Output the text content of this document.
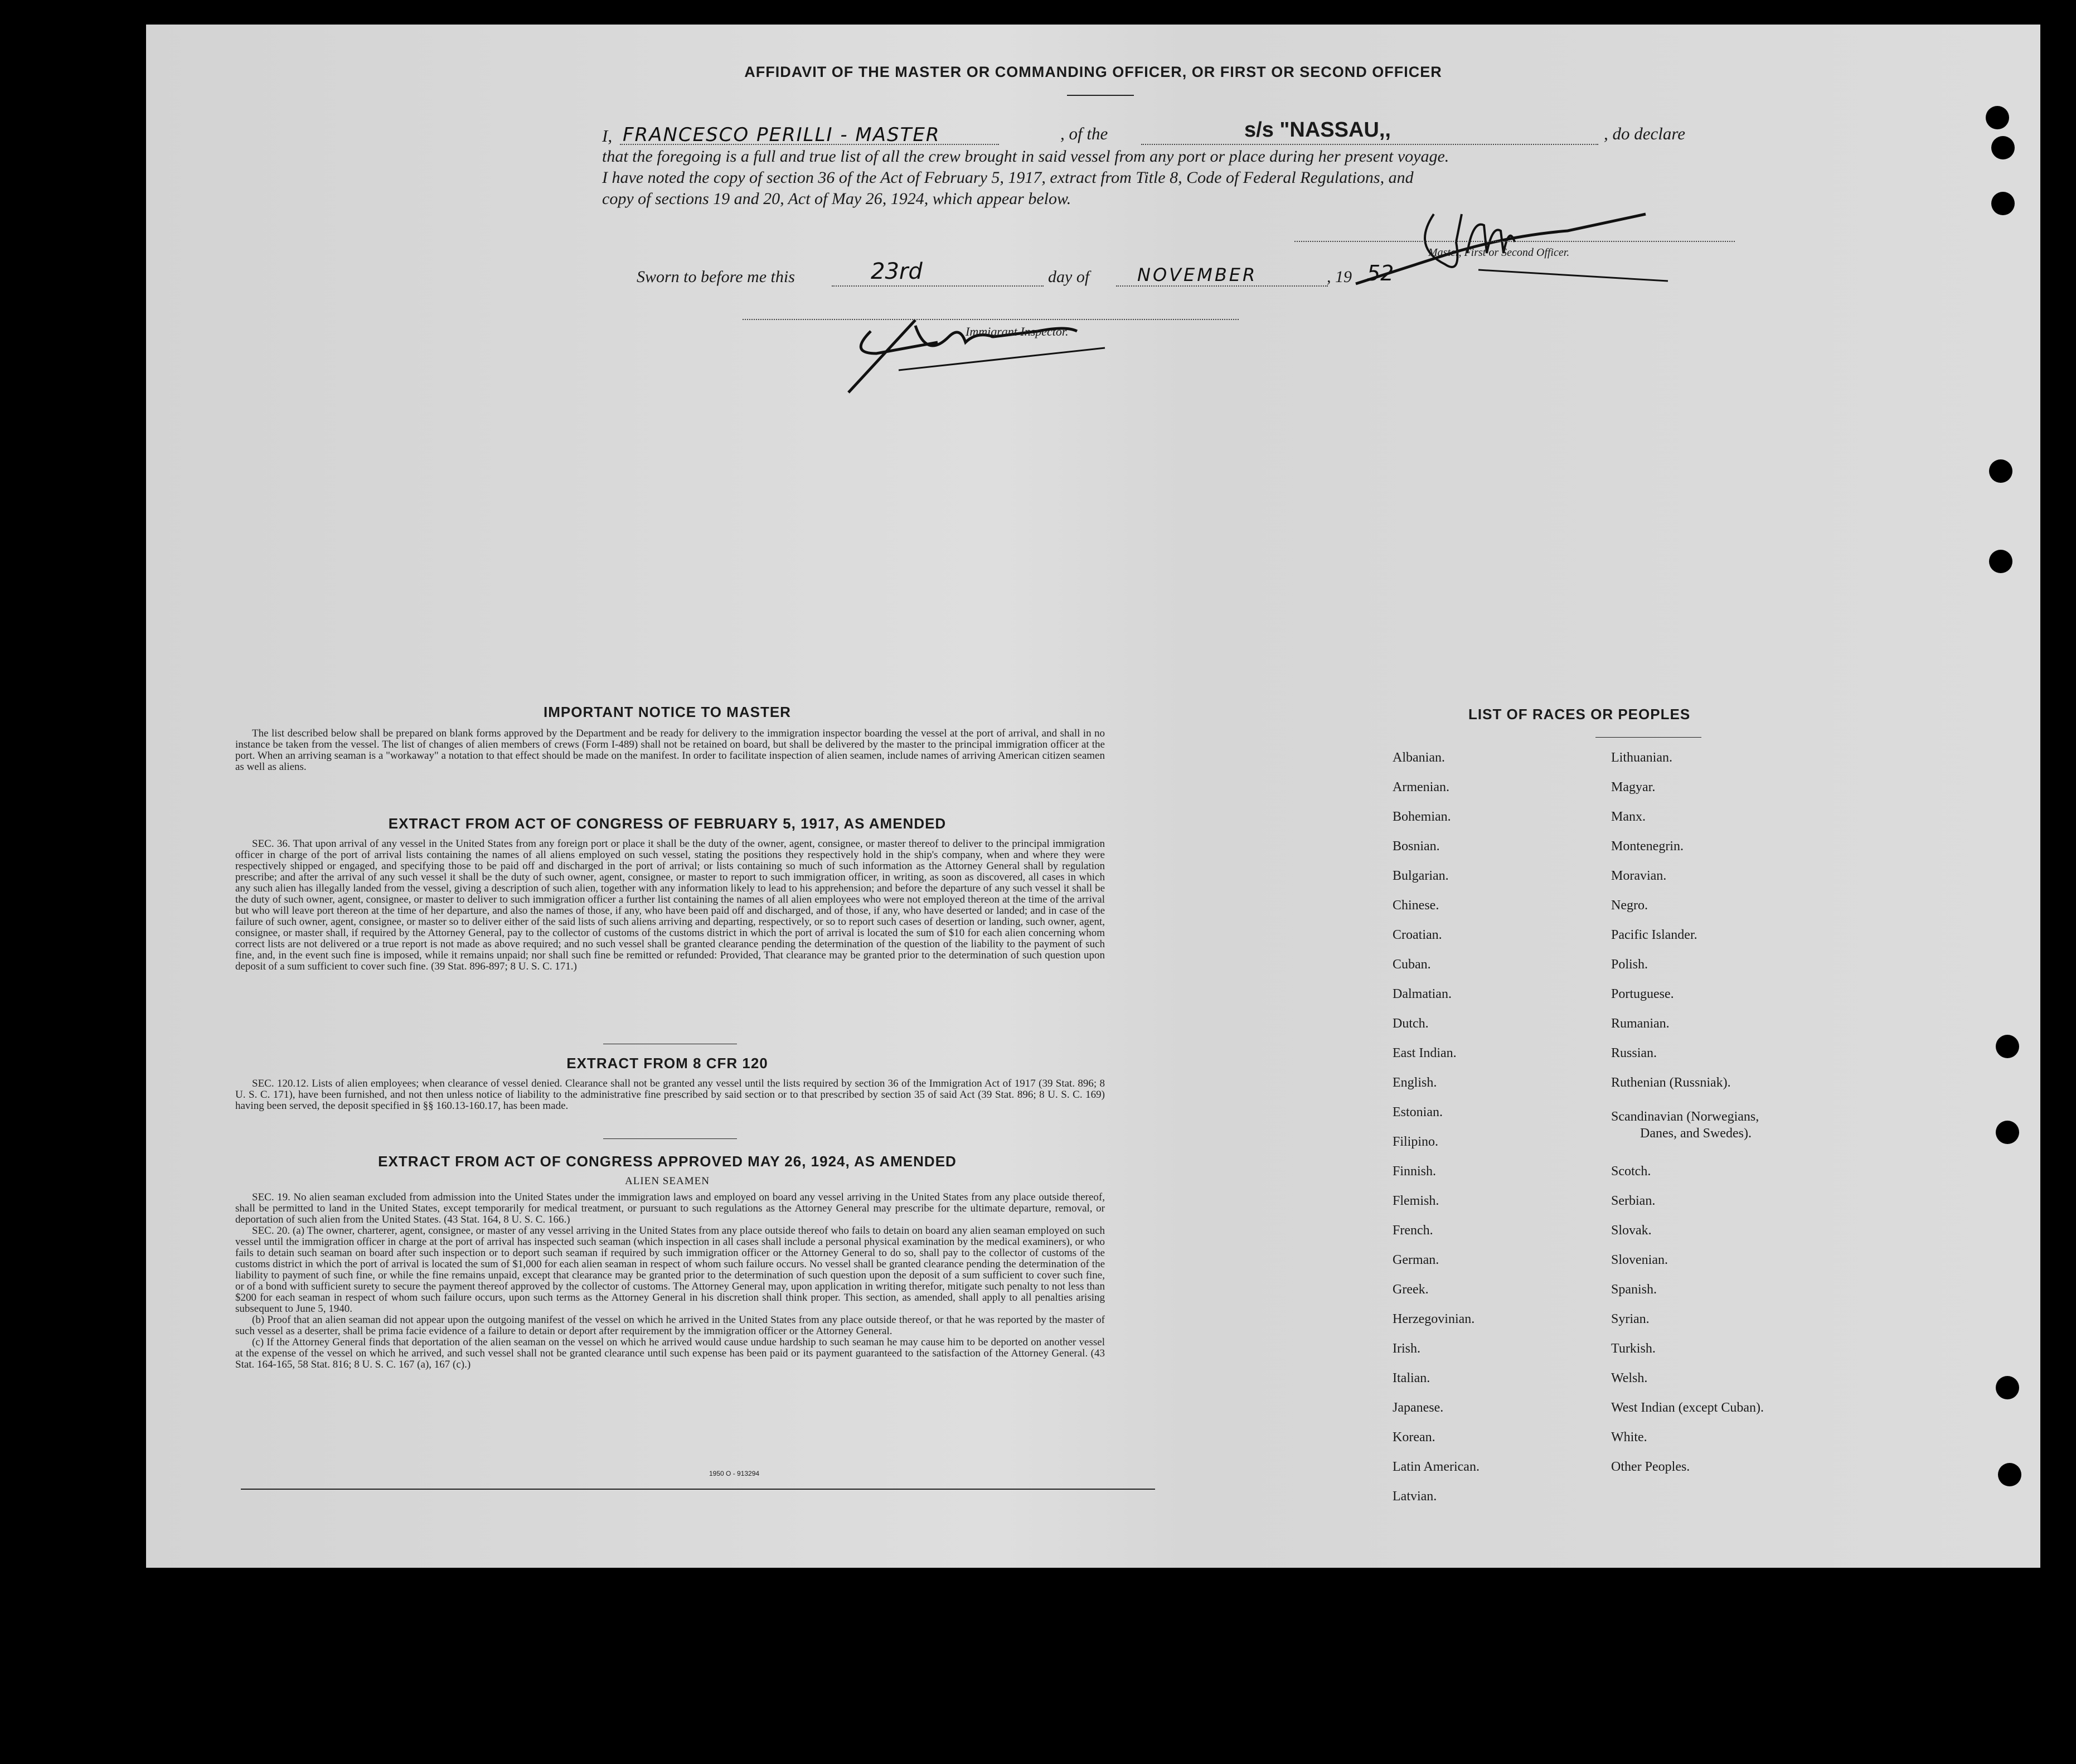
AFFIDAVIT OF THE MASTER OR COMMANDING OFFICER, OR FIRST OR SECOND OFFICER
I, FRANCESCO PERILLI - MASTER	, of the	s/s "NASSAU,,	, do declare
that the foregoing is a full and true list of all the crew brought in said vessel from any port or place during her present voyage.
I have noted the copy of section 36 of the Act of February 5, 1917, extract from Title 8, Code of Federal Regulations, and
copy of sections 19 and 20, Act of May 26, 1924, which appear below.
Master, First or Second Officer.
Sworn to before me this	23rd	day of	NOVEMBER	, 19 52
Immigrant Inspector.
IMPORTANT NOTICE TO MASTER

The list described below shall be prepared on blank forms approved by the Department and be ready for delivery to the immigration inspector boarding the vessel at the port of arrival, and shall in no instance be taken from the vessel. The list of changes of alien members of crews (Form I-489) shall not be retained on board, but shall be delivered by the master to the principal immigration officer at the port. When an arriving seaman is a "workaway" a notation to that effect should be made on the manifest. In order to facilitate inspection of alien seamen, include names of arriving American citizen seamen as well as aliens.

EXTRACT FROM ACT OF CONGRESS OF FEBRUARY 5, 1917, AS AMENDED

SEC. 36. That upon arrival of any vessel in the United States from any foreign port or place it shall be the duty of the owner, agent, consignee, or master thereof to deliver to the principal immigration officer in charge of the port of arrival lists containing the names of all aliens employed on such vessel, stating the positions they respectively hold in the ship's company, when and where they were respectively shipped or engaged, and specifying those to be paid off and discharged in the port of arrival; or lists containing so much of such information as the Attorney General shall by regulation prescribe; and after the arrival of any such vessel it shall be the duty of such owner, agent, consignee, or master to report to such immigration officer, in writing, as soon as discovered, all cases in which any such alien has illegally landed from the vessel, giving a description of such alien, together with any information likely to lead to his apprehension; and before the departure of any such vessel it shall be the duty of such owner, agent, consignee, or master to deliver to such immigration officer a further list containing the names of all alien employees who were not employed thereon at the time of the arrival but who will leave port thereon at the time of her departure, and also the names of those, if any, who have been paid off and discharged, and of those, if any, who have deserted or landed; and in case of the failure of such owner, agent, consignee, or master so to deliver either of the said lists of such aliens arriving and departing, respectively, or so to report such cases of desertion or landing, such owner, agent, consignee, or master shall, if required by the Attorney General, pay to the collector of customs of the customs district in which the port of arrival is located the sum of $10 for each alien concerning whom correct lists are not delivered or a true report is not made as above required; and no such vessel shall be granted clearance pending the determination of the question of the liability to the payment of such fine, and, in the event such fine is imposed, while it remains unpaid; nor shall such fine be remitted or refunded: Provided, That clearance may be granted prior to the determination of such question upon deposit of a sum sufficient to cover such fine. (39 Stat. 896-897; 8 U. S. C. 171.)

EXTRACT FROM 8 CFR 120

SEC. 120.12. Lists of alien employees; when clearance of vessel denied. Clearance shall not be granted any vessel until the lists required by section 36 of the Immigration Act of 1917 (39 Stat. 896; 8 U. S. C. 171), have been furnished, and not then unless notice of liability to the administrative fine prescribed by said section or to that prescribed by section 35 of said Act (39 Stat. 896; 8 U. S. C. 169) having been served, the deposit specified in §§ 160.13-160.17, has been made.

EXTRACT FROM ACT OF CONGRESS APPROVED MAY 26, 1924, AS AMENDED
ALIEN SEAMEN

SEC. 19. No alien seaman excluded from admission into the United States under the immigration laws and employed on board any vessel arriving in the United States from any place outside thereof, shall be permitted to land in the United States, except temporarily for medical treatment, or pursuant to such regulations as the Attorney General may prescribe for the ultimate departure, removal, or deportation of such alien from the United States. (43 Stat. 164, 8 U. S. C. 166.)

SEC. 20. (a) The owner, charterer, agent, consignee, or master of any vessel arriving in the United States from any place outside thereof who fails to detain on board any alien seaman employed on such vessel until the immigration officer in charge at the port of arrival has inspected such seaman (which inspection in all cases shall include a personal physical examination by the medical examiners), or who fails to detain such seaman on board after such inspection or to deport such seaman if required by such immigration officer or the Attorney General to do so, shall pay to the collector of customs of the customs district in which the port of arrival is located the sum of $1,000 for each alien seaman in respect of whom such failure occurs. No vessel shall be granted clearance pending the determination of the liability to payment of such fine, or while the fine remains unpaid, except that clearance may be granted prior to the determination of such question upon the deposit of a sum sufficient to cover such fine, or of a bond with sufficient surety to secure the payment thereof approved by the collector of customs. The Attorney General may, upon application in writing therefor, mitigate such penalty to not less than $200 for each seaman in respect of whom such failure occurs, upon such terms as the Attorney General in his discretion shall think proper. This section, as amended, shall apply to all penalties arising subsequent to June 5, 1940.

(b) Proof that an alien seaman did not appear upon the outgoing manifest of the vessel on which he arrived in the United States from any place outside thereof, or that he was reported by the master of such vessel as a deserter, shall be prima facie evidence of a failure to detain or deport after requirement by the immigration officer or the Attorney General.

(c) If the Attorney General finds that deportation of the alien seaman on the vessel on which he arrived would cause undue hardship to such seaman he may cause him to be deported on another vessel at the expense of the vessel on which he arrived, and such vessel shall not be granted clearance until such expense has been paid or its payment guaranteed to the satisfaction of the Attorney General. (43 Stat. 164-165, 58 Stat. 816; 8 U. S. C. 167 (a), 167 (c).)

1950 O - 913294
LIST OF RACES OR PEOPLES
Albanian.
Armenian.
Bohemian.
Bosnian.
Bulgarian.
Chinese.
Croatian.
Cuban.
Dalmatian.
Dutch.
East Indian.
English.
Estonian.
Filipino.
Finnish.
Flemish.
French.
German.
Greek.
Herzegovinian.
Irish.
Italian.
Japanese.
Korean.
Latin American.
Latvian.
Lithuanian.
Magyar.
Manx.
Montenegrin.
Moravian.
Negro.
Pacific Islander.
Polish.
Portuguese.
Rumanian.
Russian.
Ruthenian (Russniak).
Scandinavian (Norwegians,
Danes, and Swedes).
Scotch.
Serbian.
Slovak.
Slovenian.
Spanish.
Syrian.
Turkish.
Welsh.
West Indian (except Cuban).
White.
Other Peoples.
